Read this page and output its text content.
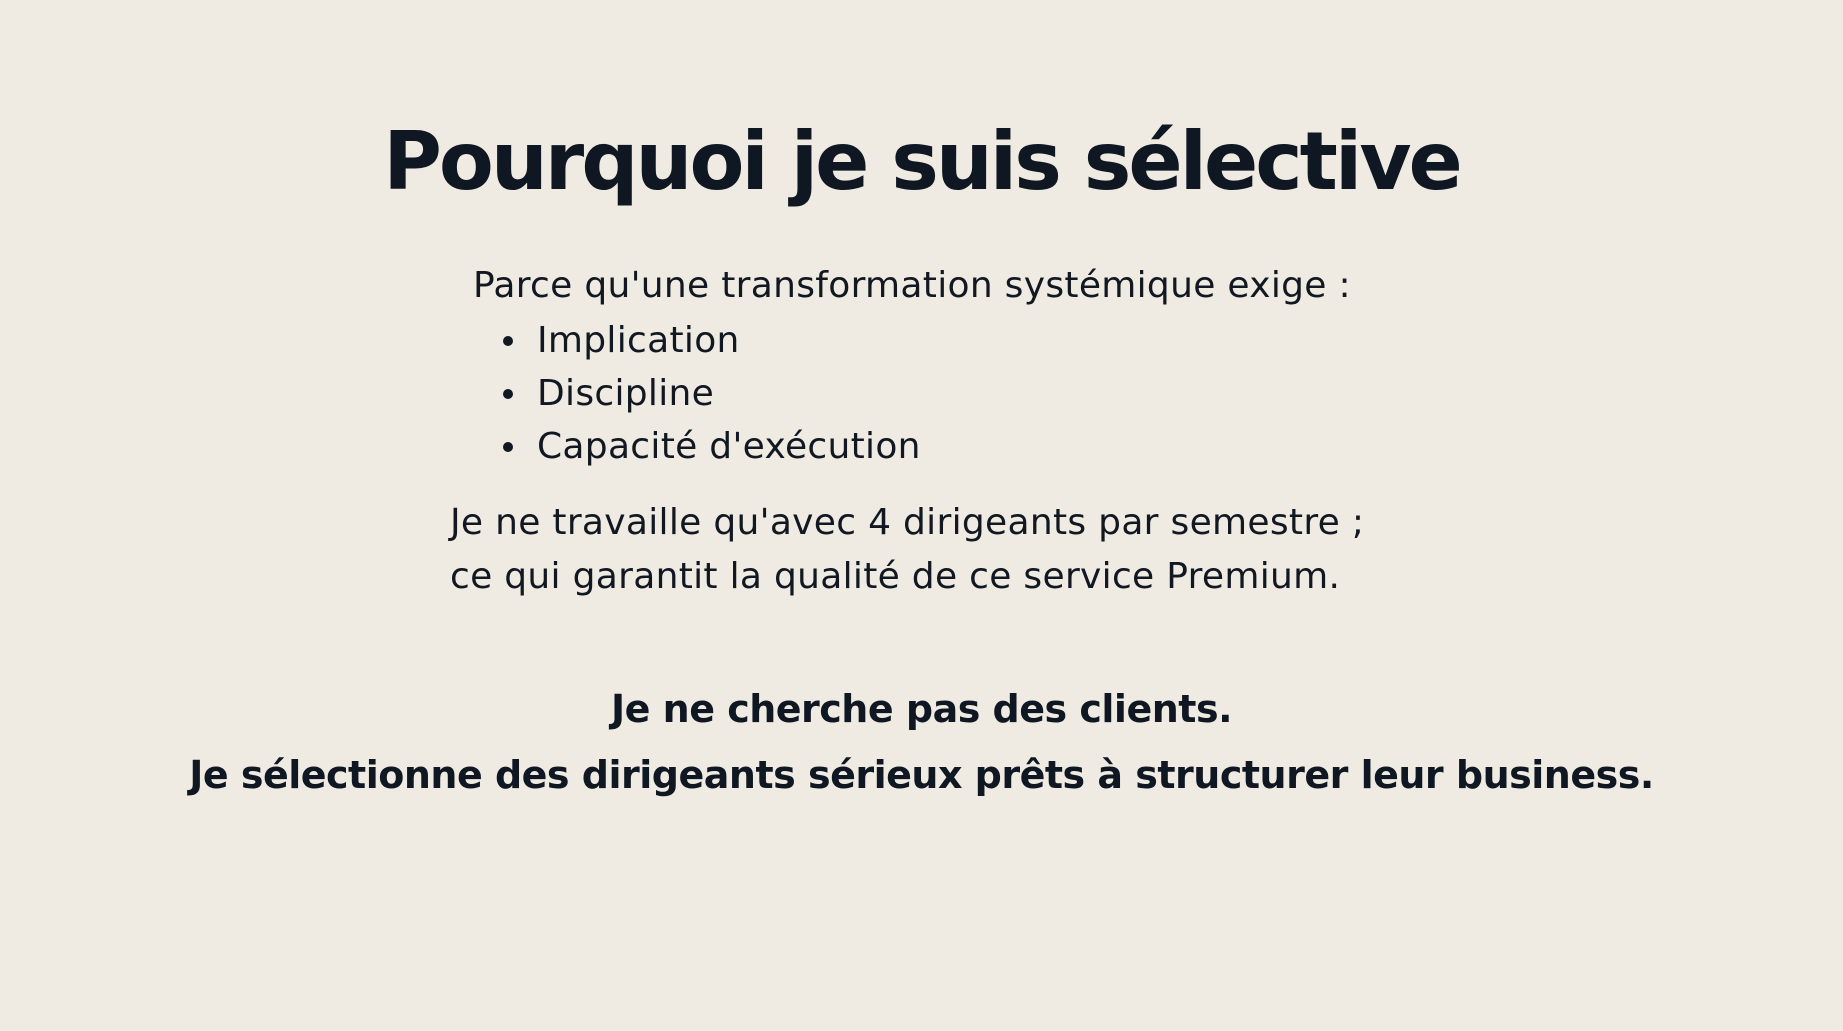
Pourquoi je suis sélective

Parce qu'une transformation systémique exige :

Implication
Discipline
Capacité d'exécution

Je ne travaille qu'avec 4 dirigeants par semestre ;
ce qui garantit la qualité de ce service Premium.

Je ne cherche pas des clients.
Je sélectionne des dirigeants sérieux prêts à structurer leur business.
